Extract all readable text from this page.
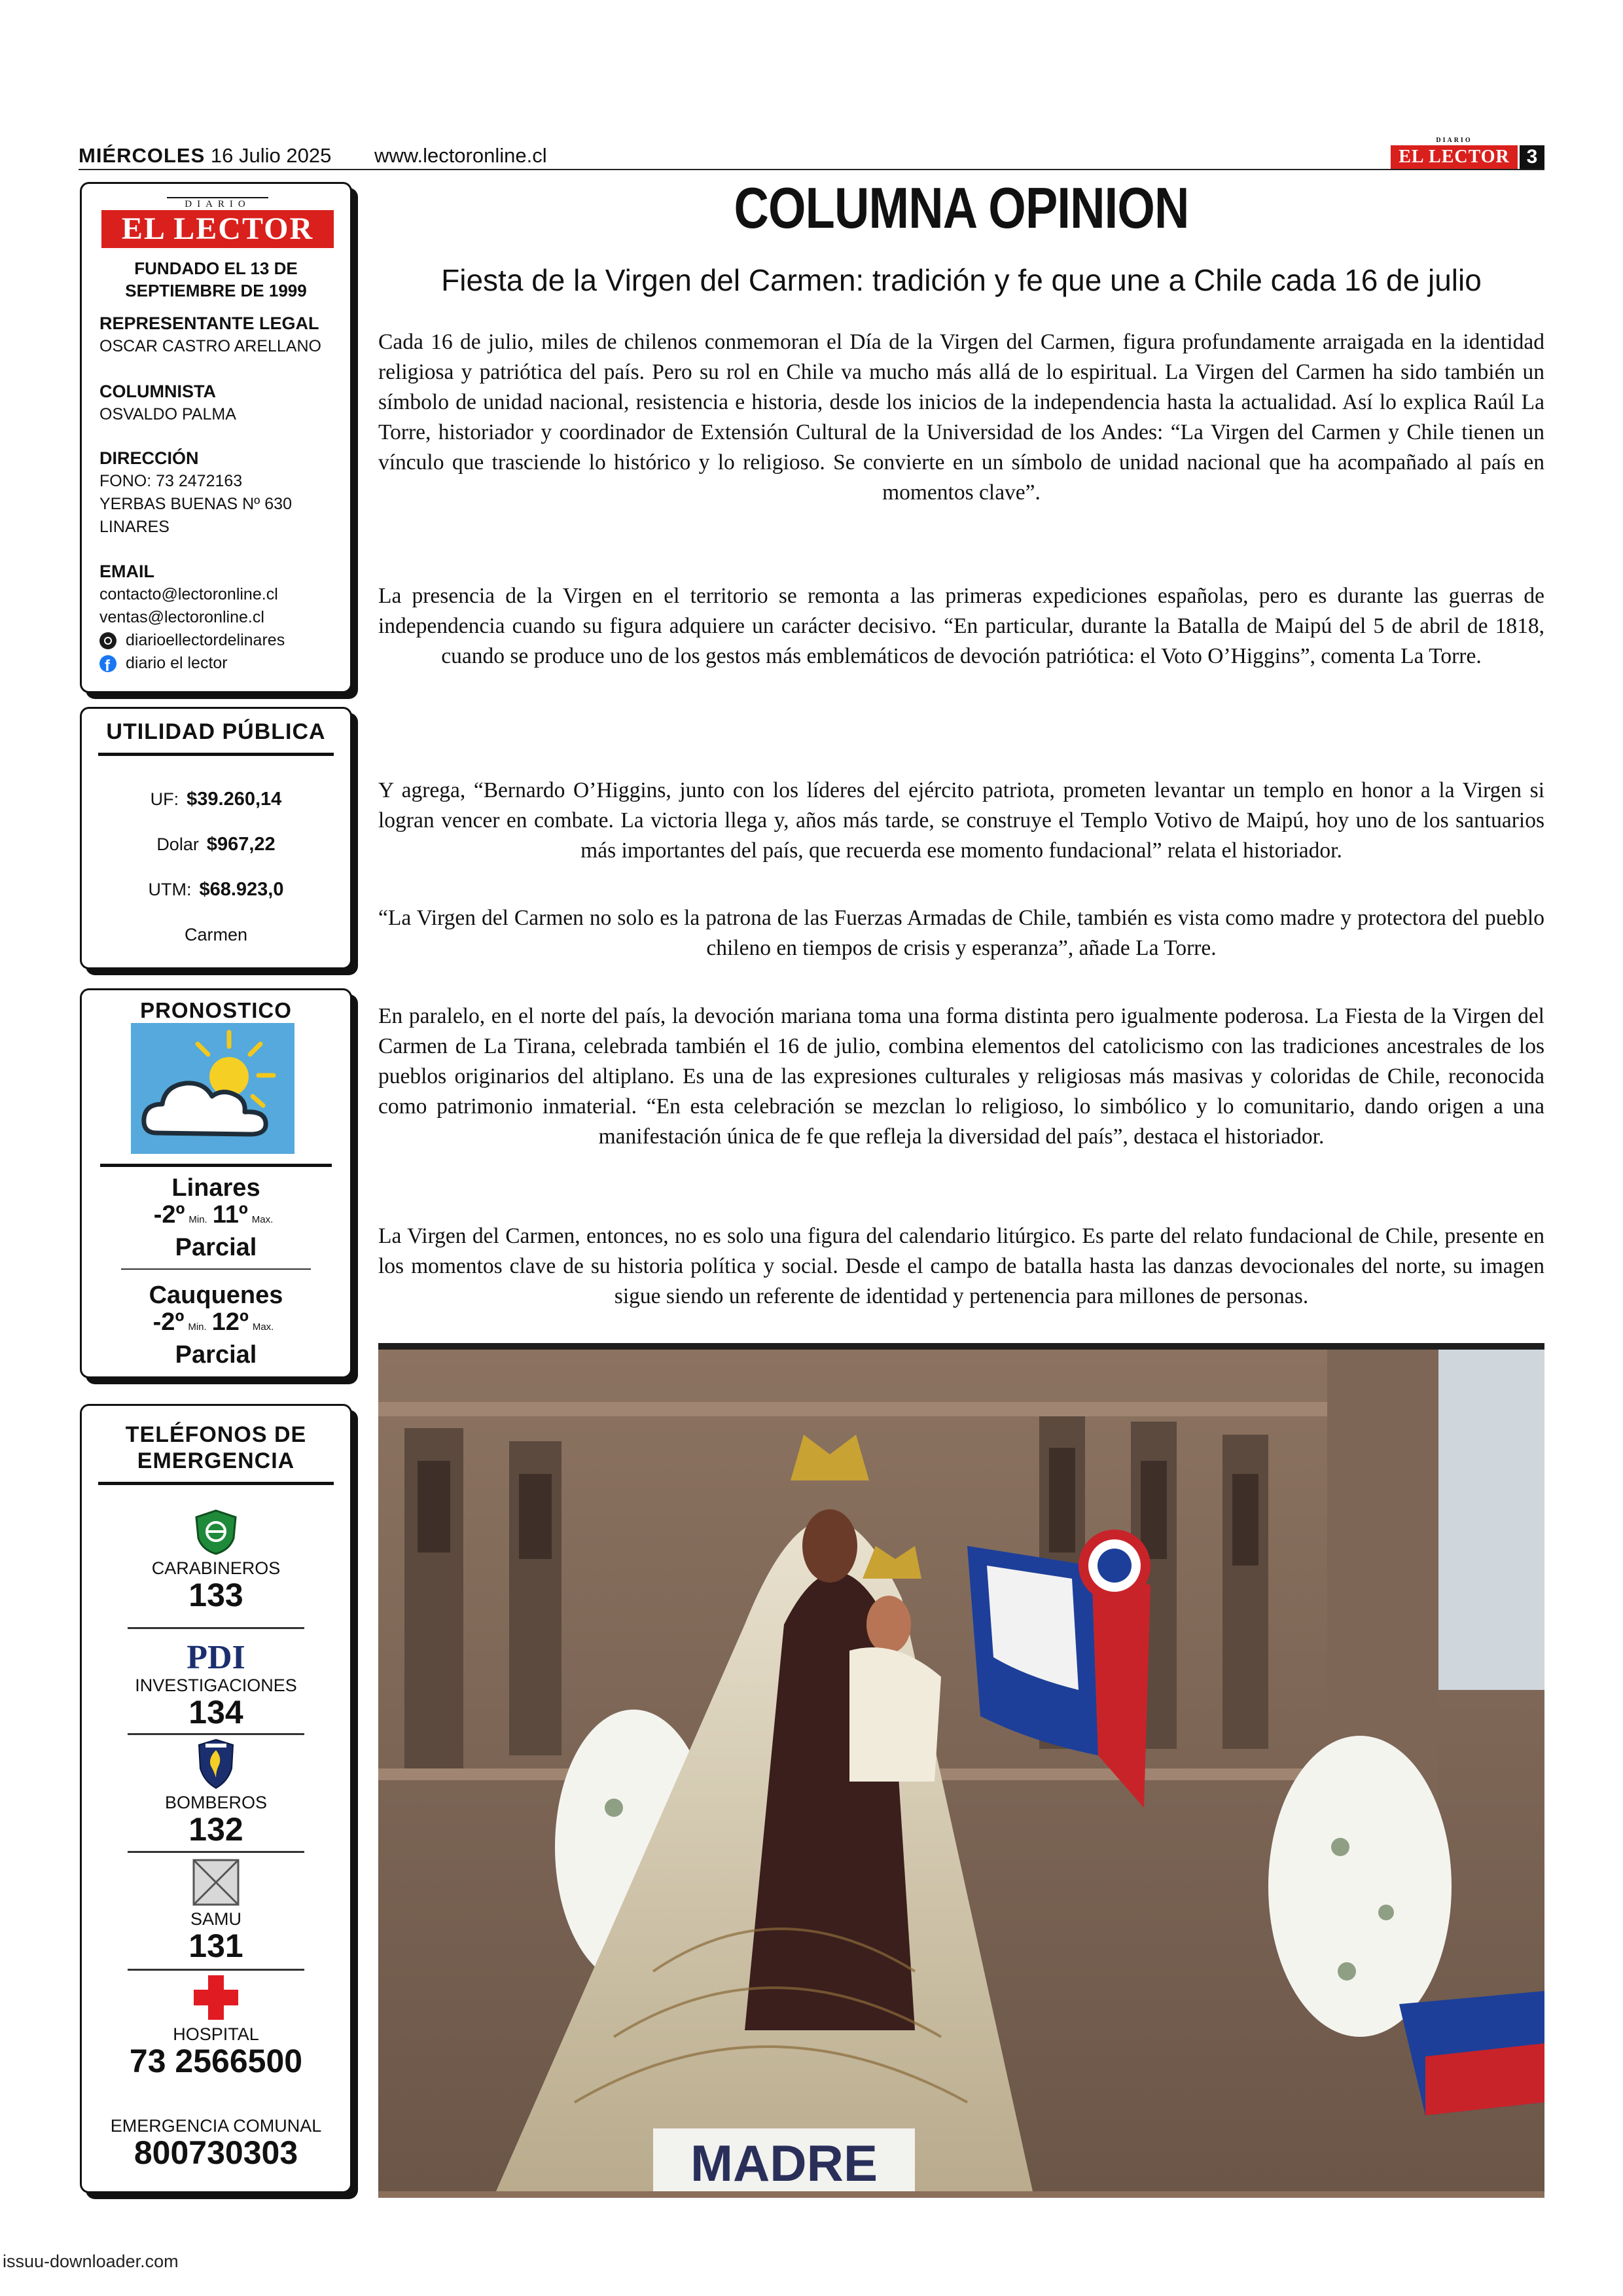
MIÉRCOLES 16 Julio 2025 www.lectoronline.cl
DIARIO
EL LECTOR 3
DIARIO
EL LECTOR
FUNDADO EL 13 DE
SEPTIEMBRE DE 1999
REPRESENTANTE LEGAL
OSCAR CASTRO ARELLANO
COLUMNISTA
OSVALDO PALMA
DIRECCIÓN
FONO: 73 2472163
YERBAS BUENAS Nº 630
LINARES
EMAIL
contacto@lectoronline.cl
ventas@lectoronline.cl
diarioellectordelinares
f
diario el lector
UTILIDAD PÚBLICA
UF: $39.260,14
Dolar $967,22
UTM: $68.923,0
Carmen
PRONOSTICO
Linares
-2º Min. 11º Max.
Parcial
Cauquenes
-2º Min. 12º Max.
Parcial
TELÉFONOS DE
EMERGENCIA
CARABINEROS
133
PDI
INVESTIGACIONES
134
BOMBEROS
132
SAMU
131
HOSPITAL
73 2566500
EMERGENCIA COMUNAL
800730303
COLUMNA OPINION
Fiesta de la Virgen del Carmen: tradición y fe que une a Chile cada 16 de julio

Cada 16 de julio, miles de chilenos conmemoran el Día de la Virgen del Carmen, figura profundamente arraigada en la identidad religiosa y patriótica del país. Pero su rol en Chile va mucho más allá de lo espiritual. La Virgen del Carmen ha sido también un símbolo de unidad nacional, resistencia e historia, desde los inicios de la independencia hasta la actualidad. Así lo explica Raúl La Torre, historiador y coordinador de Extensión Cultural de la Universidad de los Andes: “La Virgen del Carmen y Chile tienen un vínculo que trasciende lo histórico y lo religioso. Se convierte en un símbolo de unidad nacional que ha acompañado al país en momentos clave”.

La presencia de la Virgen en el territorio se remonta a las primeras expediciones españolas, pero es durante las guerras de independencia cuando su figura adquiere un carácter decisivo. “En particular, durante la Batalla de Maipú del 5 de abril de 1818, cuando se produce uno de los gestos más emblemáticos de devoción patriótica: el Voto O’Higgins”, comenta La Torre.

Y agrega, “Bernardo O’Higgins, junto con los líderes del ejército patriota, prometen levantar un templo en honor a la Virgen si logran vencer en combate. La victoria llega y, años más tarde, se construye el Templo Votivo de Maipú, hoy uno de los santuarios más importantes del país, que recuerda ese momento fundacional” relata el historiador.

“La Virgen del Carmen no solo es la patrona de las Fuerzas Armadas de Chile, también es vista como madre y protectora del pueblo chileno en tiempos de crisis y esperanza”, añade La Torre.

En paralelo, en el norte del país, la devoción mariana toma una forma distinta pero igualmente poderosa. La Fiesta de la Virgen del Carmen de La Tirana, celebrada también el 16 de julio, combina elementos del catolicismo con las tradiciones ancestrales de los pueblos originarios del altiplano. Es una de las expresiones culturales y religiosas más masivas y coloridas de Chile, reconocida como patrimonio inmaterial. “En esta celebración se mezclan lo religioso, lo simbólico y lo comunitario, dando origen a una manifestación única de fe que refleja la diversidad del país”, destaca el historiador.

La Virgen del Carmen, entonces, no es solo una figura del calendario litúrgico. Es parte del relato fundacional de Chile, presente en los momentos clave de su historia política y social. Desde el campo de batalla hasta las danzas devocionales del norte, su imagen sigue siendo un referente de identidad y pertenencia para millones de personas.

MADRE
issuu-downloader.com
